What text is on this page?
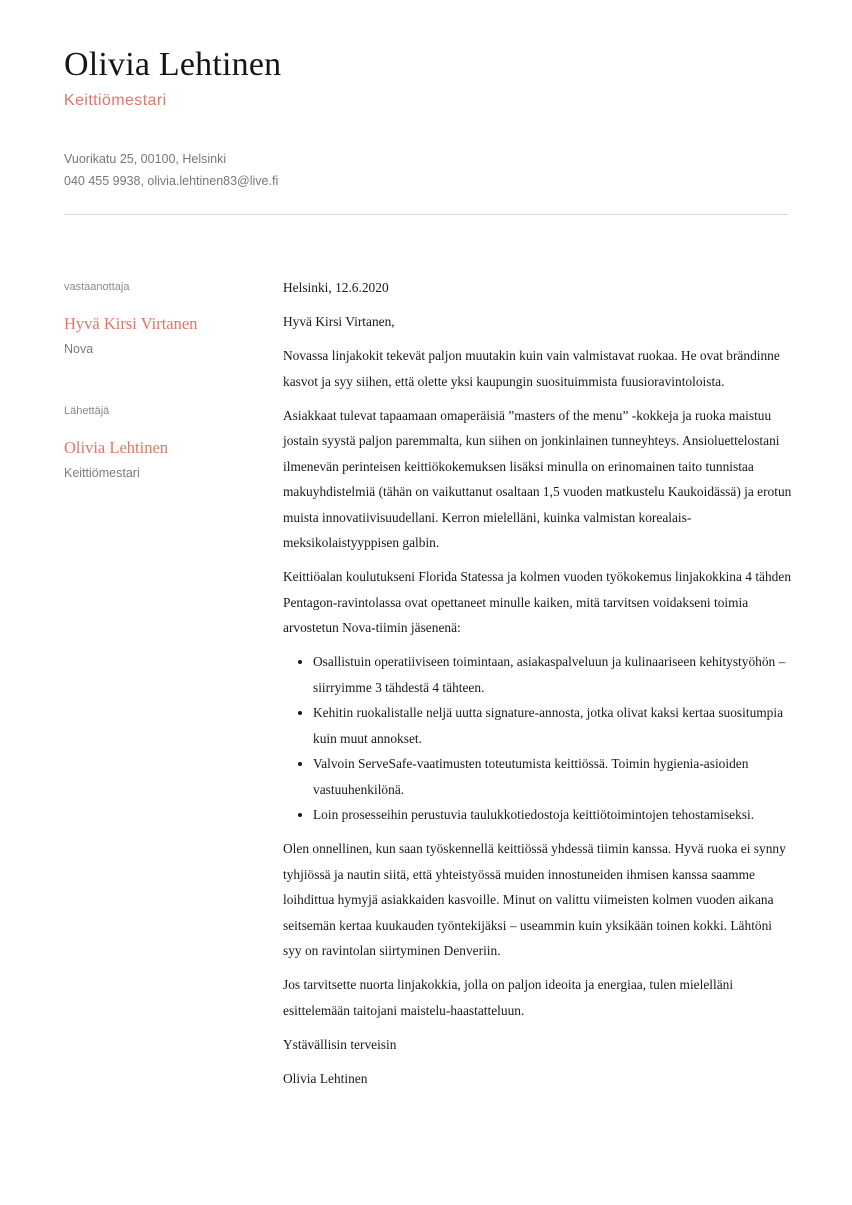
Olivia Lehtinen
Keittiömestari
Vuorikatu 25, 00100, Helsinki
040 455 9938, olivia.lehtinen83@live.fi
vastaanottaja
Hyvä Kirsi Virtanen
Nova
Lähettäjä
Olivia Lehtinen
Keittiömestari

Helsinki, 12.6.2020

Hyvä Kirsi Virtanen,

Novassa linjakokit tekevät paljon muutakin kuin vain valmistavat ruokaa. He ovat brändinne kasvot ja syy siihen, että olette yksi kaupungin suosituimmista fuusioravintoloista.

Asiakkaat tulevat tapaamaan omaperäisiä ”masters of the menu” -kokkeja ja ruoka maistuu jostain syystä paljon paremmalta, kun siihen on jonkinlainen tunneyhteys. Ansioluettelostani ilmenevän perinteisen keittiökokemuksen lisäksi minulla on erinomainen taito tunnistaa makuyhdistelmiä (tähän on vaikuttanut osaltaan 1,5 vuoden matkustelu Kaukoidässä) ja erotun muista innovatiivisuudellani. Kerron mielelläni, kuinka valmistan korealais-meksikolaistyyppisen galbin.

Keittiöalan koulutukseni Florida Statessa ja kolmen vuoden työkokemus linjakokkina 4 tähden Pentagon-ravintolassa ovat opettaneet minulle kaiken, mitä tarvitsen voidakseni toimia arvostetun Nova-tiimin jäsenenä:

• Osallistuin operatiiviseen toimintaan, asiakaspalveluun ja kulinaariseen kehitystyöhön – siirryimme 3 tähdestä 4 tähteen.
• Kehitin ruokalistalle neljä uutta signature-annosta, jotka olivat kaksi kertaa suositumpia kuin muut annokset.
• Valvoin ServeSafe-vaatimusten toteutumista keittiössä. Toimin hygienia-asioiden vastuuhenkilönä.
• Loin prosesseihin perustuvia taulukkotiedostoja keittiötoimintojen tehostamiseksi.

Olen onnellinen, kun saan työskennellä keittiössä yhdessä tiimin kanssa. Hyvä ruoka ei synny tyhjiössä ja nautin siitä, että yhteistyössä muiden innostuneiden ihmisen kanssa saamme loihdittua hymyjä asiakkaiden kasvoille. Minut on valittu viimeisten kolmen vuoden aikana seitsemän kertaa kuukauden työntekijäksi – useammin kuin yksikään toinen kokki. Lähtöni syy on ravintolan siirtyminen Denveriin.

Jos tarvitsette nuorta linjakokkia, jolla on paljon ideoita ja energiaa, tulen mielelläni esittelemään taitojani maistelu-haastatteluun.

Ystävällisin terveisin

Olivia Lehtinen
